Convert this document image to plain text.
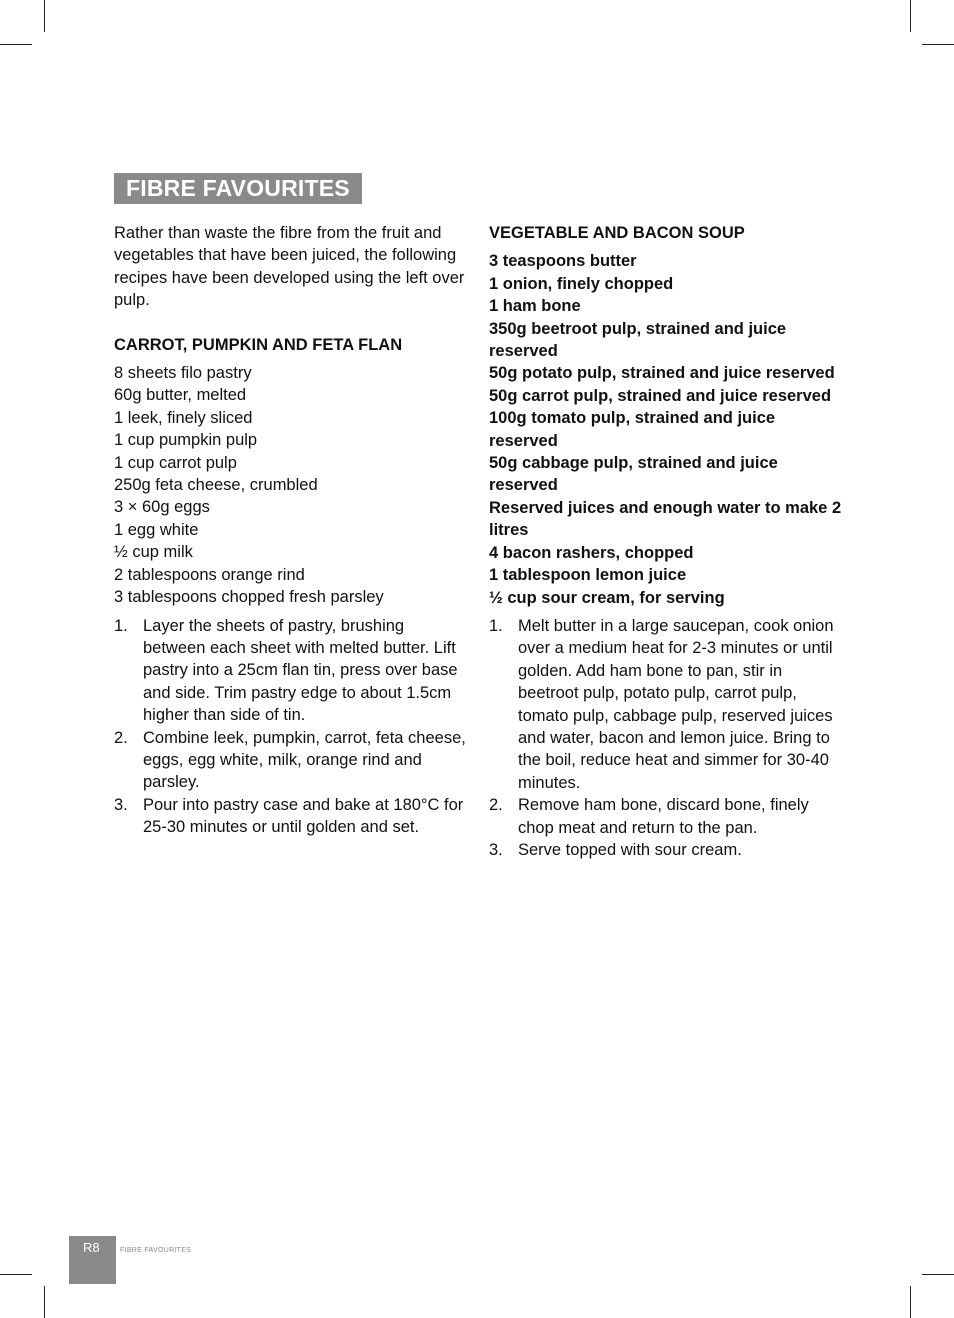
FIBRE FAVOURITES

Rather than waste the fibre from the fruit and vegetables that have been juiced, the following recipes have been developed using the left over pulp.

CARROT, PUMPKIN AND FETA FLAN
8 sheets filo pastry
60g butter, melted
1 leek, finely sliced
1 cup pumpkin pulp
1 cup carrot pulp
250g feta cheese, crumbled
3 × 60g eggs
1 egg white
½ cup milk
2 tablespoons orange rind
3 tablespoons chopped fresh parsley
1. Layer the sheets of pastry, brushing between each sheet with melted butter. Lift pastry into a 25cm flan tin, press over base and side. Trim pastry edge to about 1.5cm higher than side of tin.
2. Combine leek, pumpkin, carrot, feta cheese, eggs, egg white, milk, orange rind and parsley.
3. Pour into pastry case and bake at 180°C for 25-30 minutes or until golden and set.
VEGETABLE AND BACON SOUP
3 teaspoons butter
1 onion, finely chopped
1 ham bone
350g beetroot pulp, strained and juice reserved
50g potato pulp, strained and juice reserved
50g carrot pulp, strained and juice reserved
100g tomato pulp, strained and juice reserved
50g cabbage pulp, strained and juice reserved
Reserved juices and enough water to make 2 litres
4 bacon rashers, chopped
1 tablespoon lemon juice
½ cup sour cream, for serving
1. Melt butter in a large saucepan, cook onion over a medium heat for 2-3 minutes or until golden. Add ham bone to pan, stir in beetroot pulp, potato pulp, carrot pulp, tomato pulp, cabbage pulp, reserved juices and water, bacon and lemon juice. Bring to the boil, reduce heat and simmer for 30-40 minutes.
2. Remove ham bone, discard bone, finely chop meat and return to the pan.
3. Serve topped with sour cream.
R8	FIBRE FAVOURITES
